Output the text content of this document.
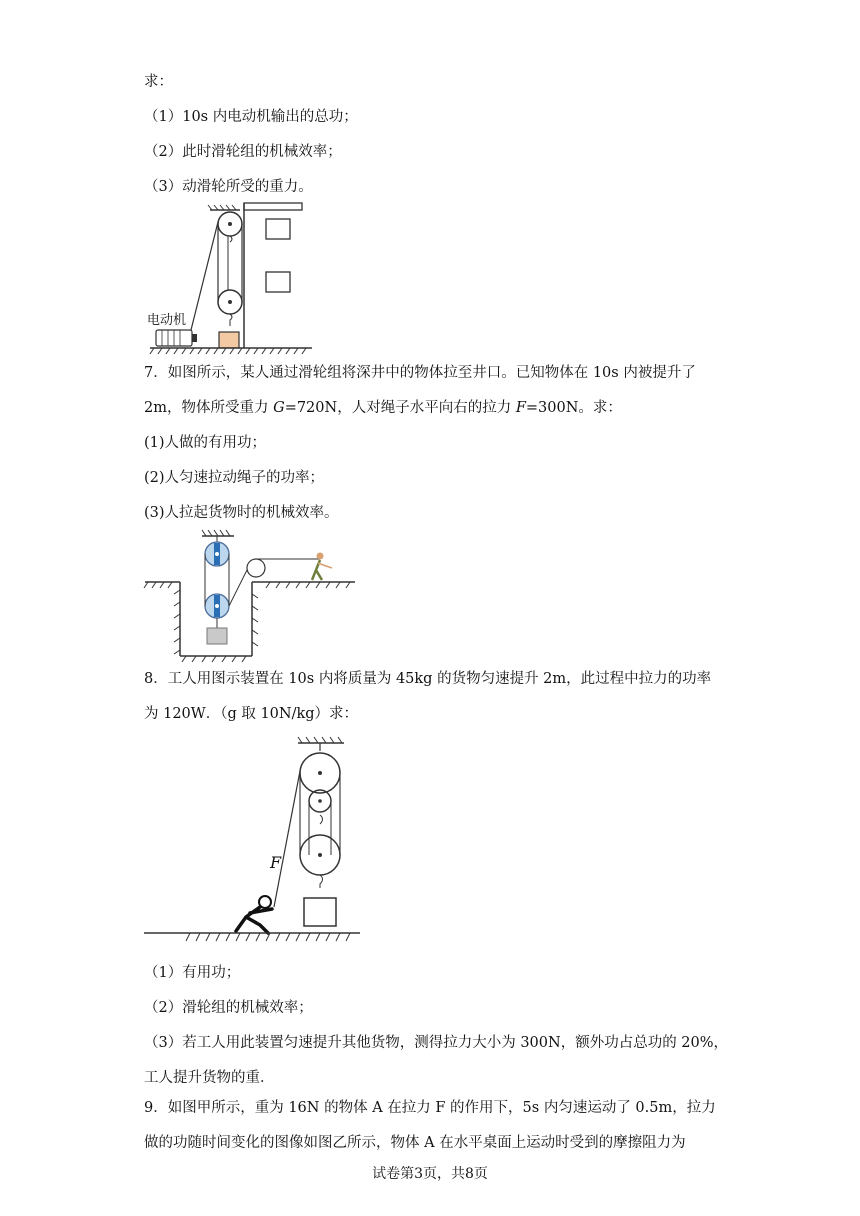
求：
（1）10s 内电动机输出的总功；
（2）此时滑轮组的机械效率；
（3）动滑轮所受的重力。
电动机
7．如图所示，某人通过滑轮组将深井中的物体拉至井口。已知物体在 10s 内被提升了
2m，物体所受重力 G=720N，人对绳子水平向右的拉力 F=300N。求：
(1)人做的有用功；
(2)人匀速拉动绳子的功率；
(3)人拉起货物时的机械效率。
8．工人用图示装置在 10s 内将质量为 45kg 的货物匀速提升 2m，此过程中拉力的功率
为 120W．（g 取 10N/kg）求：
F
（1）有用功；
（2）滑轮组的机械效率；
（3）若工人用此装置匀速提升其他货物，测得拉力大小为 300N，额外功占总功的 20%，
工人提升货物的重．
9．如图甲所示，重为 16N 的物体 A 在拉力 F 的作用下，5s 内匀速运动了 0.5m，拉力
做的功随时间变化的图像如图乙所示，物体 A 在水平桌面上运动时受到的摩擦阻力为
试卷第3页，共8页
